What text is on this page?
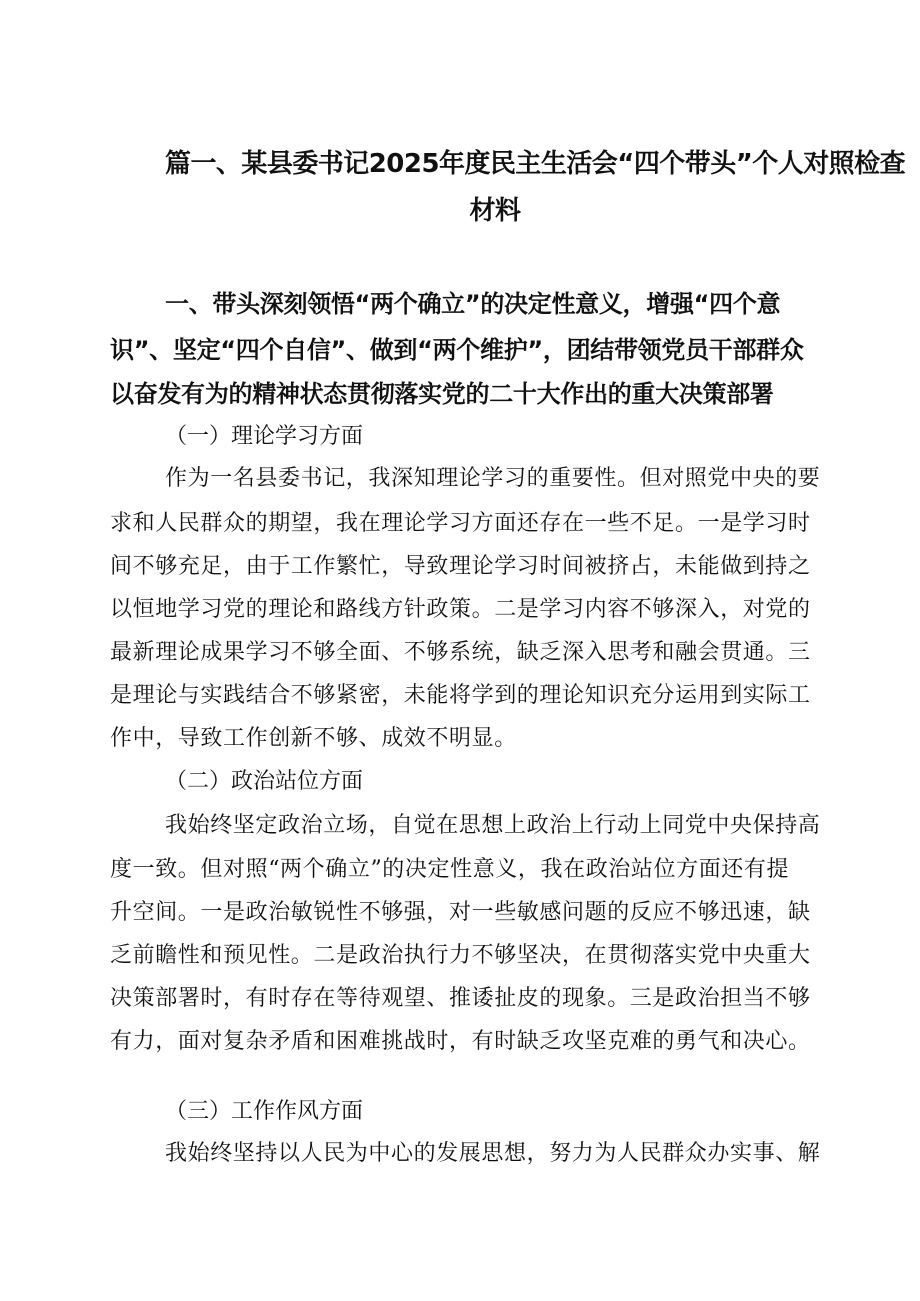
篇一、某县委书记2025年度民主生活会“四个带头”个人对照检查

材料

一、带头深刻领悟“两个确立”的决定性意义，增强“四个意

识”、坚定“四个自信”、做到“两个维护”，团结带领党员干部群众

以奋发有为的精神状态贯彻落实党的二十大作出的重大决策部署

（一）理论学习方面

作为一名县委书记，我深知理论学习的重要性。但对照党中央的要

求和人民群众的期望，我在理论学习方面还存在一些不足。一是学习时

间不够充足，由于工作繁忙，导致理论学习时间被挤占，未能做到持之

以恒地学习党的理论和路线方针政策。二是学习内容不够深入，对党的

最新理论成果学习不够全面、不够系统，缺乏深入思考和融会贯通。三

是理论与实践结合不够紧密，未能将学到的理论知识充分运用到实际工

作中，导致工作创新不够、成效不明显。

（二）政治站位方面

我始终坚定政治立场，自觉在思想上政治上行动上同党中央保持高

度一致。但对照“两个确立”的决定性意义，我在政治站位方面还有提

升空间。一是政治敏锐性不够强，对一些敏感问题的反应不够迅速，缺

乏前瞻性和预见性。二是政治执行力不够坚决，在贯彻落实党中央重大

决策部署时，有时存在等待观望、推诿扯皮的现象。三是政治担当不够

有力，面对复杂矛盾和困难挑战时，有时缺乏攻坚克难的勇气和决心。

（三）工作作风方面

我始终坚持以人民为中心的发展思想，努力为人民群众办实事、解
